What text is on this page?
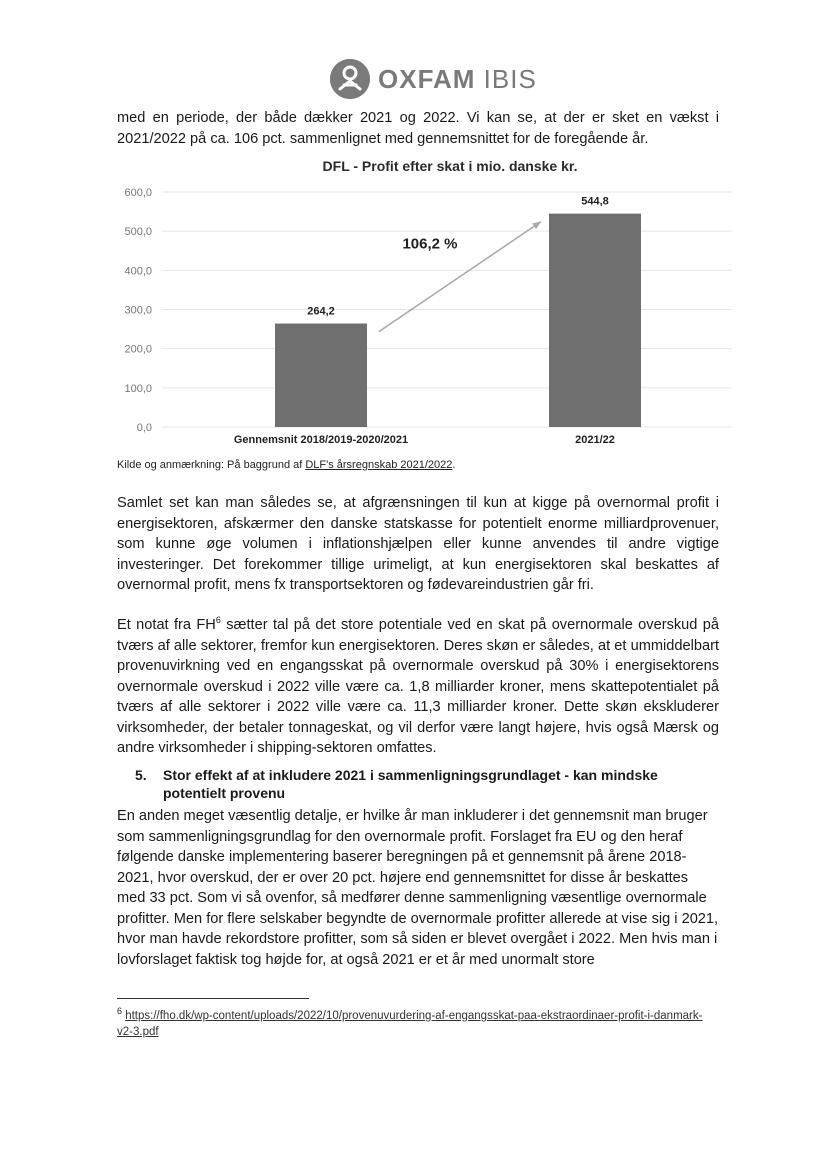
OXFAM IBIS
med en periode, der både dækker 2021 og 2022. Vi kan se, at der er sket en vækst i 2021/2022 på ca. 106 pct. sammenlignet med gennemsnittet for de foregående år.
DFL - Profit efter skat i mio. danske kr.
0,0
100,0
200,0
300,0
400,0
500,0
600,0
264,2
Gennemsnit 2018/2019-2020/2021
544,8
2021/22
106,2 %
Kilde og anmærkning: På baggrund af DLF's årsregnskab 2021/2022.
Samlet set kan man således se, at afgrænsningen til kun at kigge på overnormal profit i energisektoren, afskærmer den danske statskasse for potentielt enorme milliardprovenuer, som kunne øge volumen i inflationshjælpen eller kunne anvendes til andre vigtige investeringer. Det forekommer tillige urimeligt, at kun energisektoren skal beskattes af overnormal profit, mens fx transportsektoren og fødevareindustrien går fri.
Et notat fra $FH^6$ sætter tal på det store potentiale ved en skat på overnormale overskud på tværs af alle sektorer, fremfor kun energisektoren. Deres skøn er således, at et ummiddelbart provenuvirkning ved en engangsskat på overnormale overskud på 30% i energisektorens overnormale overskud i 2022 ville være ca. 1,8 milliarder kroner, mens skattepotentialet på tværs af alle sektorer i 2022 ville være ca. 11,3 milliarder kroner. Dette skøn ekskluderer virksomheder, der betaler tonnageskat, og vil derfor være langt højere, hvis også Mærsk og andre virksomheder i shipping-sektoren omfattes.
5.	Stor effekt af at inkludere 2021 i sammenligningsgrundlaget - kan mindske potentielt provenu
En anden meget væsentlig detalje, er hvilke år man inkluderer i det gennemsnit man bruger som sammenligningsgrundlag for den overnormale profit. Forslaget fra EU og den heraf følgende danske implementering baserer beregningen på et gennemsnit på årene 2018-2021, hvor overskud, der er over 20 pct. højere end gennemsnittet for disse år beskattes med 33 pct. Som vi så ovenfor, så medfører denne sammenligning væsentlige overnormale profitter. Men for flere selskaber begyndte de overnormale profitter allerede at vise sig i 2021, hvor man havde rekordstore profitter, som så siden er blevet overgået i 2022. Men hvis man i lovforslaget faktisk tog højde for, at også 2021 er et år med unormalt store
$^6$ https://fho.dk/wp-content/uploads/2022/10/provenuvurdering-af-engangsskat-paa-ekstraordinaer-profit-i-danmark-v2-3.pdf
